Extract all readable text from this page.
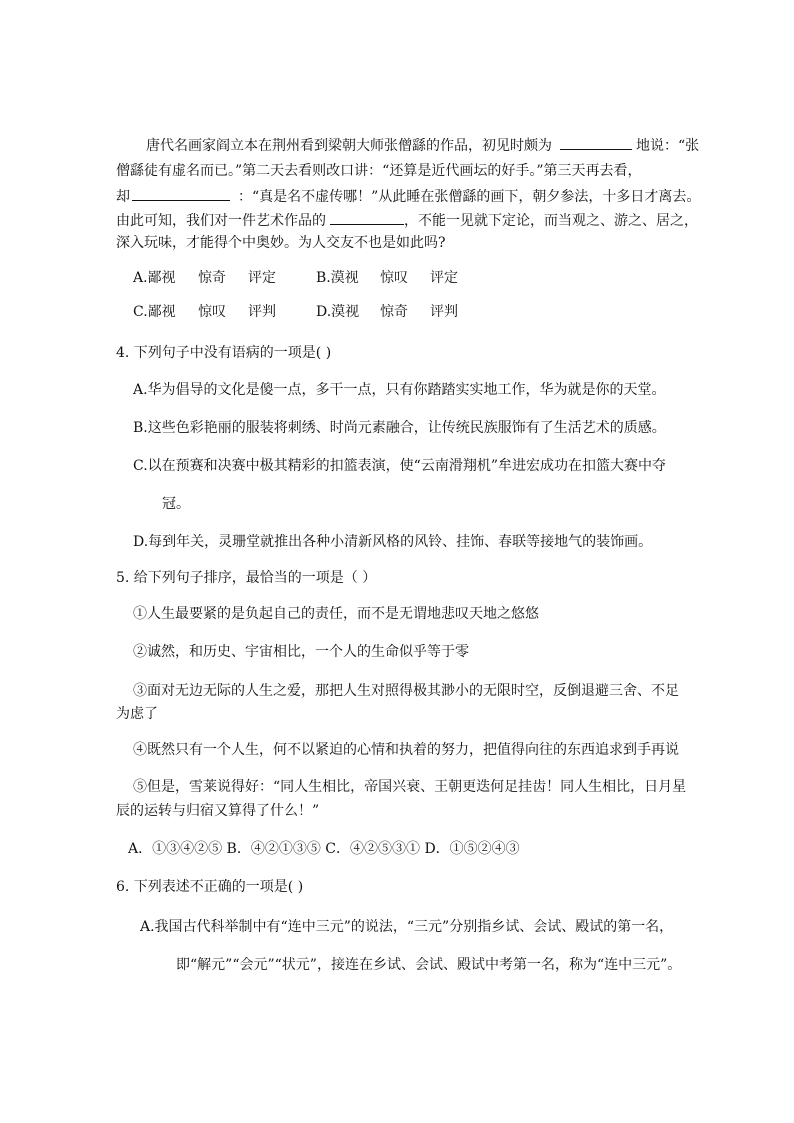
唐代名画家阎立本在荆州看到梁朝大师张僧繇的作品，初见时颇为	地说：“张
僧繇徒有虚名而已。”第二天去看则改口讲：“还算是近代画坛的好手。”第三天再去看，
却	：“真是名不虚传哪！”从此睡在张僧繇的画下，朝夕参法，十多日才离去。
由此可知，我们对一件艺术作品的	，不能一见就下定论，而当观之、游之、居之，
深入玩味，才能得个中奥妙。为人交友不也是如此吗?
A.鄙视 惊奇 评定	B.漠视 惊叹 评定
C.鄙视 惊叹 评判	D.漠视 惊奇 评判
4. 下列句子中没有语病的一项是( )
A.华为倡导的文化是傻一点，多干一点，只有你踏踏实实地工作，华为就是你的天堂。
B.这些色彩艳丽的服装将刺绣、时尚元素融合，让传统民族服饰有了生活艺术的质感。
C.以在预赛和决赛中极其精彩的扣篮表演，使“云南滑翔机”牟进宏成功在扣篮大赛中夺
冠。
D.每到年关，灵珊堂就推出各种小清新风格的风铃、挂饰、春联等接地气的装饰画。
5. 给下列句子排序，最恰当的一项是（ ）
①人生最要紧的是负起自己的责任，而不是无谓地悲叹天地之悠悠
②诚然，和历史、宇宙相比，一个人的生命似乎等于零
③面对无边无际的人生之爱，那把人生对照得极其渺小的无限时空，反倒退避三舍、不足
为虑了
④既然只有一个人生，何不以紧迫的心情和执着的努力，把值得向往的东西追求到手再说
⑤但是，雪莱说得好：“同人生相比，帝国兴衰、王朝更迭何足挂齿！同人生相比，日月星
辰的运转与归宿又算得了什么！”
A．①③④②⑤ B．④②①③⑤ C．④②⑤③① D．①⑤②④③
6. 下列表述不正确的一项是( )
A.我国古代科举制中有“连中三元”的说法，“三元”分别指乡试、会试、殿试的第一名，
即“解元”“会元”“状元”，接连在乡试、会试、殿试中考第一名，称为“连中三元”。
